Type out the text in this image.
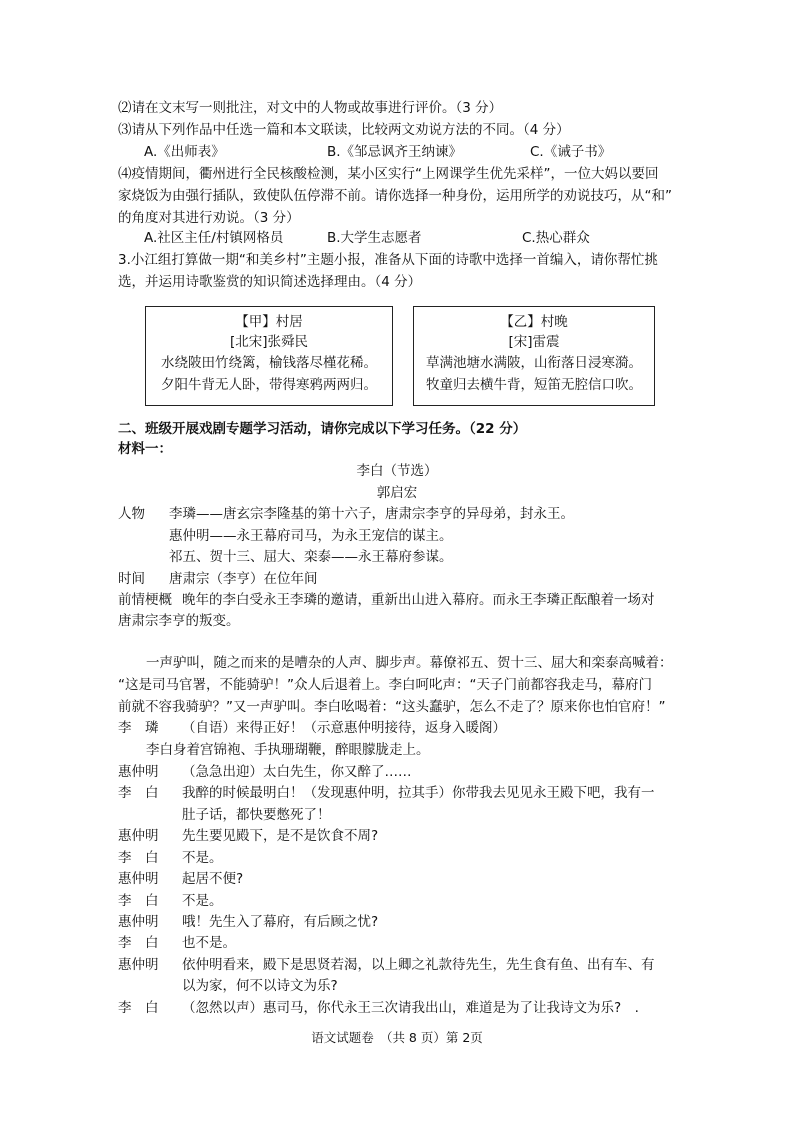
⑵请在文末写一则批注，对文中的人物或故事进行评价。（3 分）
⑶请从下列作品中任选一篇和本文联读，比较两文劝说方法的不同。（4 分）
A.《出师表》	B.《邹忌讽齐王纳谏》	C.《诫子书》
⑷疫情期间，衢州进行全民核酸检测，某小区实行“上网课学生优先采样”，一位大妈以要回
家烧饭为由强行插队，致使队伍停滞不前。请你选择一种身份，运用所学的劝说技巧，从“和”
的角度对其进行劝说。（3 分）
A.社区主任/村镇网格员	B.大学生志愿者	C.热心群众
3.小江组打算做一期“和美乡村”主题小报，准备从下面的诗歌中选择一首编入，请你帮忙挑
选，并运用诗歌鉴赏的知识简述选择理由。（4 分）
【甲】村居
[北宋]张舜民
水绕陂田竹绕篱，榆钱落尽槿花稀。
夕阳牛背无人卧，带得寒鸦两两归。
【乙】村晚
[宋]雷震
草满池塘水满陂，山衔落日浸寒漪。
牧童归去横牛背，短笛无腔信口吹。
二、班级开展戏剧专题学习活动，请你完成以下学习任务。（22 分）
材料一：
李白（节选）
郭启宏
人物 李璘——唐玄宗李隆基的第十六子，唐肃宗李亨的异母弟，封永王。
惠仲明——永王幕府司马，为永王宠信的谋主。
祁五、贺十三、屈大、栾泰——永王幕府参谋。
时间 唐肃宗（李亨）在位年间
前情梗概 晚年的李白受永王李璘的邀请，重新出山进入幕府。而永王李璘正酝酿着一场对
唐肃宗李亨的叛变。
一声驴叫，随之而来的是嘈杂的人声、脚步声。幕僚祁五、贺十三、屈大和栾泰高喊着：
“这是司马官署，不能骑驴！”众人后退着上。李白呵叱声：“天子门前都容我走马，幕府门
前就不容我骑驴？”又一声驴叫。李白吆喝着：“这头蠢驴，怎么不走了？原来你也怕官府！”
李　璘 （自语）来得正好！（示意惠仲明接待，返身入暖阁）
李白身着宫锦袍、手执珊瑚鞭，醉眼朦胧走上。
惠仲明 （急急出迎）太白先生，你又醉了……
李　白 我醉的时候最明白！（发现惠仲明，拉其手）你带我去见见永王殿下吧，我有一
肚子话，都快要憋死了！
惠仲明 先生要见殿下，是不是饮食不周?
李　白 不是。
惠仲明 起居不便?
李　白 不是。
惠仲明 哦！先生入了幕府，有后顾之忧?
李　白 也不是。
惠仲明 依仲明看来，殿下是思贤若渴，以上卿之礼款待先生，先生食有鱼、出有车、有
以为家，何不以诗文为乐?
李　白 （忽然以声）惠司马，你代永王三次请我出山，难道是为了让我诗文为乐?　.
语文试题卷　（共 8 页）第 2页
